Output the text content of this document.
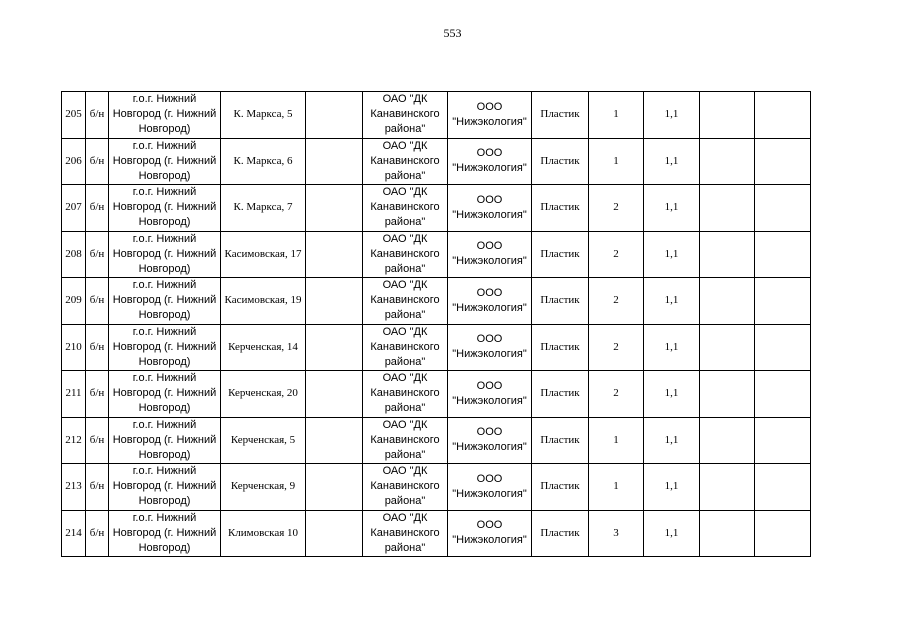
553
205	б/н	г.о.г. Нижний Новгород (г. Нижний Новгород)	К. Маркса, 5		ОАО "ДК Канавинского района"	ООО "Нижэкология"	Пластик	1	1,1		

206	б/н	г.о.г. Нижний Новгород (г. Нижний Новгород)	К. Маркса, 6		ОАО "ДК Канавинского района"	ООО "Нижэкология"	Пластик	1	1,1		

207	б/н	г.о.г. Нижний Новгород (г. Нижний Новгород)	К. Маркса, 7		ОАО "ДК Канавинского района"	ООО "Нижэкология"	Пластик	2	1,1		

208	б/н	г.о.г. Нижний Новгород (г. Нижний Новгород)	Касимовская, 17		ОАО "ДК Канавинского района"	ООО "Нижэкология"	Пластик	2	1,1		

209	б/н	г.о.г. Нижний Новгород (г. Нижний Новгород)	Касимовская, 19		ОАО "ДК Канавинского района"	ООО "Нижэкология"	Пластик	2	1,1		

210	б/н	г.о.г. Нижний Новгород (г. Нижний Новгород)	Керченская, 14		ОАО "ДК Канавинского района"	ООО "Нижэкология"	Пластик	2	1,1		

211	б/н	г.о.г. Нижний Новгород (г. Нижний Новгород)	Керченская, 20		ОАО "ДК Канавинского района"	ООО "Нижэкология"	Пластик	2	1,1		

212	б/н	г.о.г. Нижний Новгород (г. Нижний Новгород)	Керченская, 5		ОАО "ДК Канавинского района"	ООО "Нижэкология"	Пластик	1	1,1		

213	б/н	г.о.г. Нижний Новгород (г. Нижний Новгород)	Керченская, 9		ОАО "ДК Канавинского района"	ООО "Нижэкология"	Пластик	1	1,1		

214	б/н	г.о.г. Нижний Новгород (г. Нижний Новгород)	Климовская 10		ОАО "ДК Канавинского района"	ООО "Нижэкология"	Пластик	3	1,1		
